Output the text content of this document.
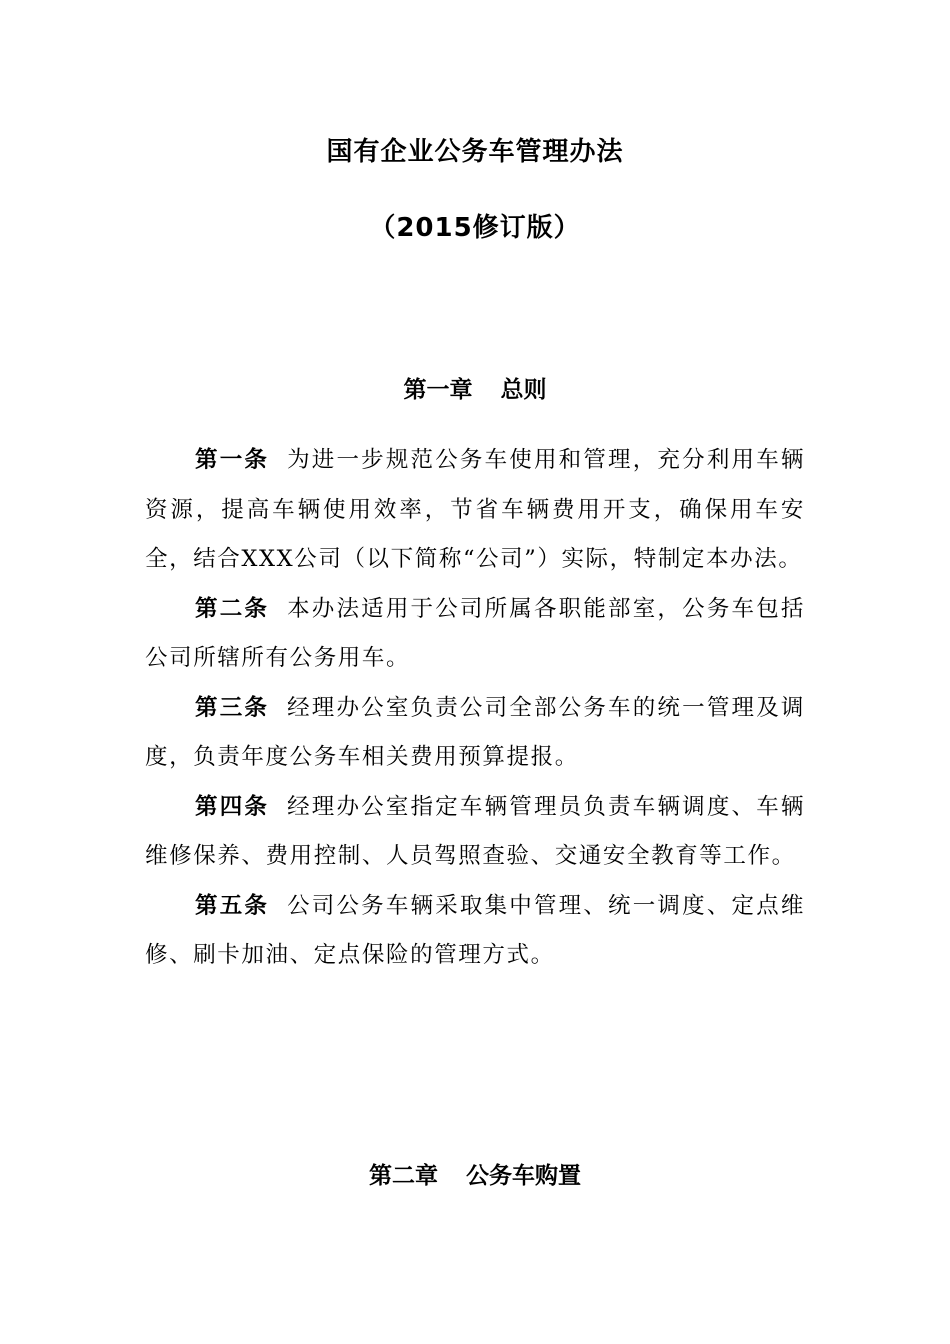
国有企业公务车管理办法
（2015修订版）
第一章 总则

第一条 为进一步规范公务车使用和管理，充分利用车辆资源，提高车辆使用效率，节省车辆费用开支，确保用车安全，结合XXX公司（以下简称“公司”）实际，特制定本办法。

第二条 本办法适用于公司所属各职能部室，公务车包括公司所辖所有公务用车。

第三条 经理办公室负责公司全部公务车的统一管理及调度，负责年度公务车相关费用预算提报。

第四条 经理办公室指定车辆管理员负责车辆调度、车辆维修保养、费用控制、人员驾照查验、交通安全教育等工作。

第五条 公司公务车辆采取集中管理、统一调度、定点维修、刷卡加油、定点保险的管理方式。

第二章 公务车购置
